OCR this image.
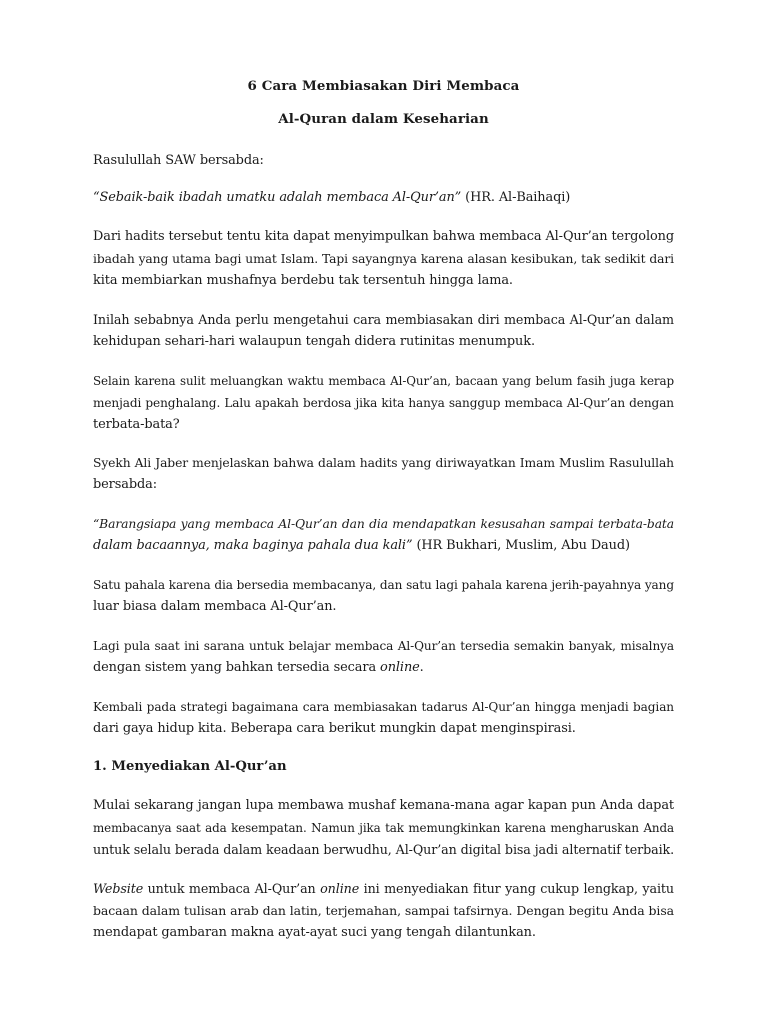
6 Cara Membiasakan Diri Membaca
Al-Quran dalam Keseharian
Rasulullah SAW bersabda:
“Sebaik-baik ibadah umatku adalah membaca Al-Qur’an” (HR. Al-Baihaqi)
Dari hadits tersebut tentu kita dapat menyimpulkan bahwa membaca Al-Qur’an tergolong
ibadah yang utama bagi umat Islam. Tapi sayangnya karena alasan kesibukan, tak sedikit dari
kita membiarkan mushafnya berdebu tak tersentuh hingga lama.
Inilah sebabnya Anda perlu mengetahui cara membiasakan diri membaca Al-Qur’an dalam
kehidupan sehari-hari walaupun tengah didera rutinitas menumpuk.
Selain karena sulit meluangkan waktu membaca Al-Qur’an, bacaan yang belum fasih juga kerap
menjadi penghalang. Lalu apakah berdosa jika kita hanya sanggup membaca Al-Qur’an dengan
terbata-bata?
Syekh Ali Jaber menjelaskan bahwa dalam hadits yang diriwayatkan Imam Muslim Rasulullah
bersabda:
“Barangsiapa yang membaca Al-Qur’an dan dia mendapatkan kesusahan sampai terbata-bata
dalam bacaannya, maka baginya pahala dua kali” (HR Bukhari, Muslim, Abu Daud)
Satu pahala karena dia bersedia membacanya, dan satu lagi pahala karena jerih-payahnya yang
luar biasa dalam membaca Al-Qur’an.
Lagi pula saat ini sarana untuk belajar membaca Al-Qur’an tersedia semakin banyak, misalnya
dengan sistem yang bahkan tersedia secara online.
Kembali pada strategi bagaimana cara membiasakan tadarus Al-Qur’an hingga menjadi bagian
dari gaya hidup kita. Beberapa cara berikut mungkin dapat menginspirasi.
1. Menyediakan Al-Qur’an
Mulai sekarang jangan lupa membawa mushaf kemana-mana agar kapan pun Anda dapat
membacanya saat ada kesempatan. Namun jika tak memungkinkan karena mengharuskan Anda
untuk selalu berada dalam keadaan berwudhu, Al-Qur’an digital bisa jadi alternatif terbaik.
Website untuk membaca Al-Qur’an online ini menyediakan fitur yang cukup lengkap, yaitu
bacaan dalam tulisan arab dan latin, terjemahan, sampai tafsirnya. Dengan begitu Anda bisa
mendapat gambaran makna ayat-ayat suci yang tengah dilantunkan.
